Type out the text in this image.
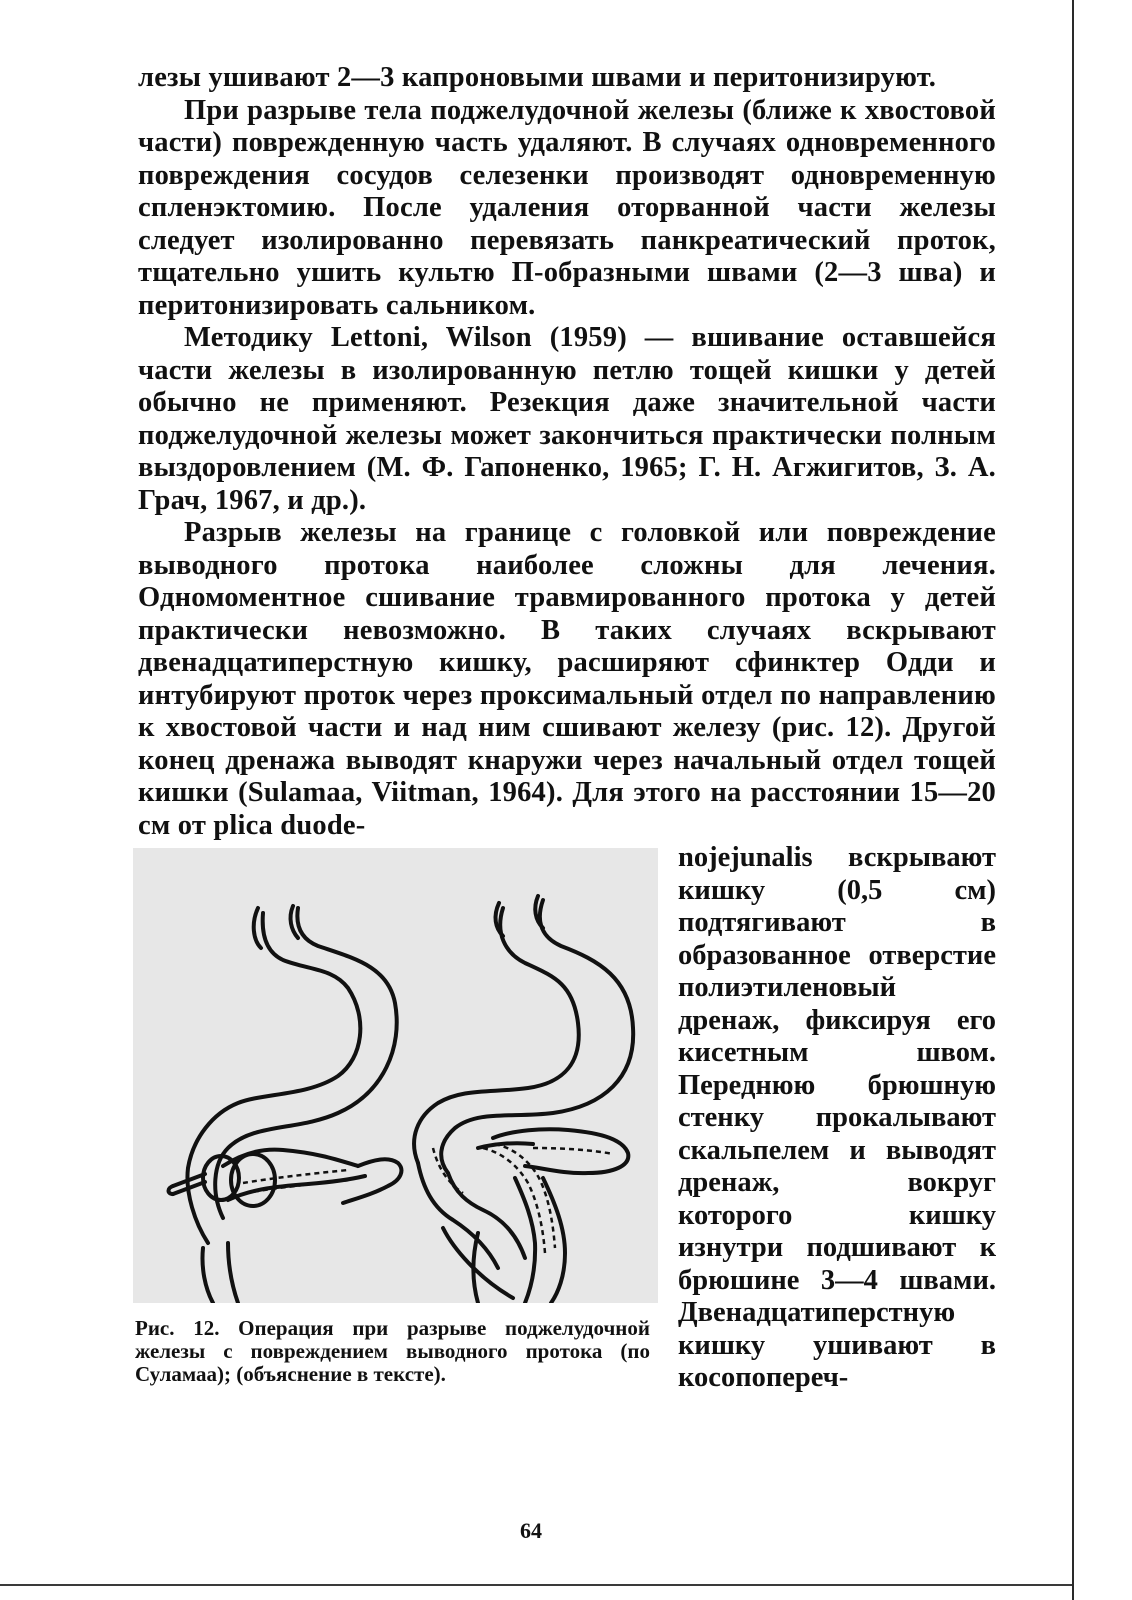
лезы ушивают 2—3 капроновыми швами и перитонизируют.

При разрыве тела поджелудочной железы (ближе к хвостовой части) поврежденную часть удаляют. В случаях одновременного повреждения сосудов селезенки производят одновременную спленэктомию. После удаления оторванной части железы следует изолированно перевязать панкреатический проток, тщательно ушить культю П-образными швами (2—3 шва) и перитонизировать сальником.

Методику Lettoni, Wilson (1959) — вшивание оставшейся части железы в изолированную петлю тощей кишки у детей обычно не применяют. Резекция даже значительной части поджелудочной железы может закончиться практически полным выздоровлением (М. Ф. Гапоненко, 1965; Г. Н. Агжигитов, З. А. Грач, 1967, и др.).

Разрыв железы на границе с головкой или повреждение выводного протока наиболее сложны для лечения. Одномоментное сшивание травмированного протока у детей практически невозможно. В таких случаях вскрывают двенадцатиперстную кишку, расширяют сфинктер Одди и интубируют проток через проксимальный отдел по направлению к хвостовой части и над ним сшивают железу (рис. 12). Другой конец дренажа выводят кнаружи через начальный отдел тощей кишки (Sulamaa, Viitman, 1964). Для этого на расстоянии 15—20 см от plica duode-

Рис. 12. Операция при разрыве поджелудочной железы с повреждением выводного протока (по Суламаа); (объяснение в тексте).

nojejunalis вскрывают кишку (0,5 см) подтягивают в образованное отверстие полиэтиленовый дренаж, фиксируя его кисетным швом. Переднюю брюшную стенку прокалывают скальпелем и выводят дренаж, вокруг которого кишку изнутри подшивают к брюшине 3—4 швами. Двенадцатиперстную кишку ушивают в косопопереч-

64
